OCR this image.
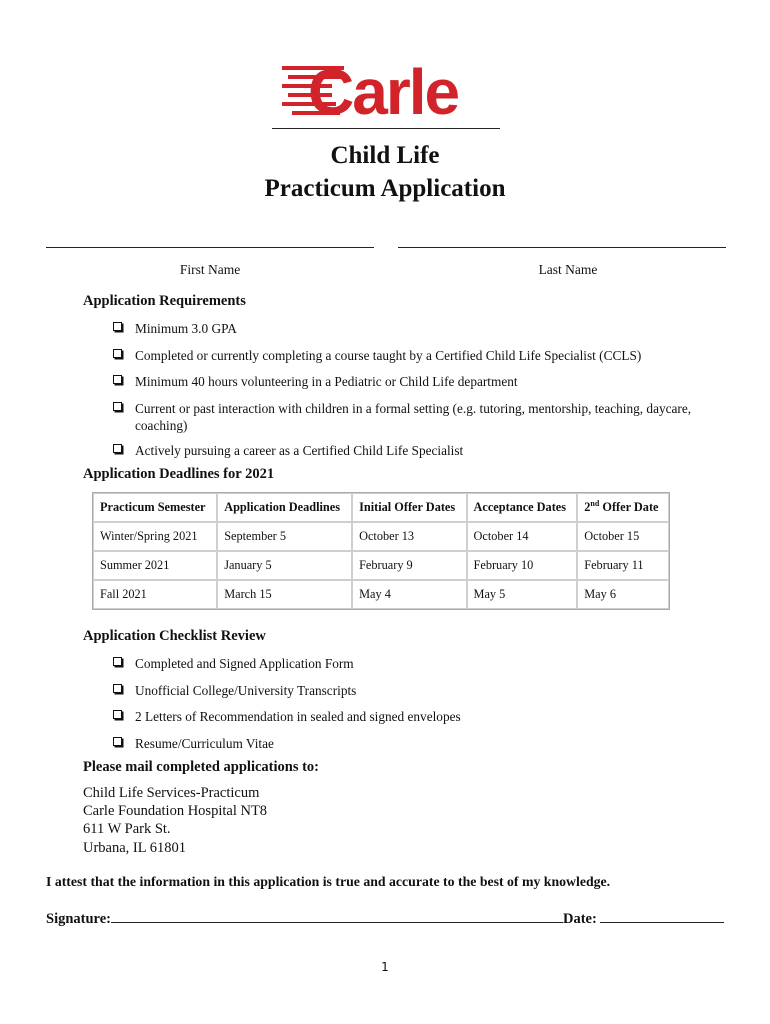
Carle
Child Life
Practicum Application
First Name	Last Name
Application Requirements
Minimum 3.0 GPA
Completed or currently completing a course taught by a Certified Child Life Specialist (CCLS)
Minimum 40 hours volunteering in a Pediatric or Child Life department
Current or past interaction with children in a formal setting (e.g. tutoring, mentorship, teaching, daycare, coaching)
Actively pursuing a career as a Certified Child Life Specialist
Application Deadlines for 2021
Practicum Semester	Application Deadlines	Initial Offer Dates	Acceptance Dates	2nd Offer Date
Winter/Spring 2021	September 5	October 13	October 14	October 15
Summer 2021	January 5	February 9	February 10	February 11
Fall 2021	March 15	May 4	May 5	May 6
Application Checklist Review
Completed and Signed Application Form
Unofficial College/University Transcripts
2 Letters of Recommendation in sealed and signed envelopes
Resume/Curriculum Vitae
Please mail completed applications to:
Child Life Services-Practicum
Carle Foundation Hospital NT8
611 W Park St.
Urbana, IL 61801
I attest that the information in this application is true and accurate to the best of my knowledge.
Signature:	Date:
1
